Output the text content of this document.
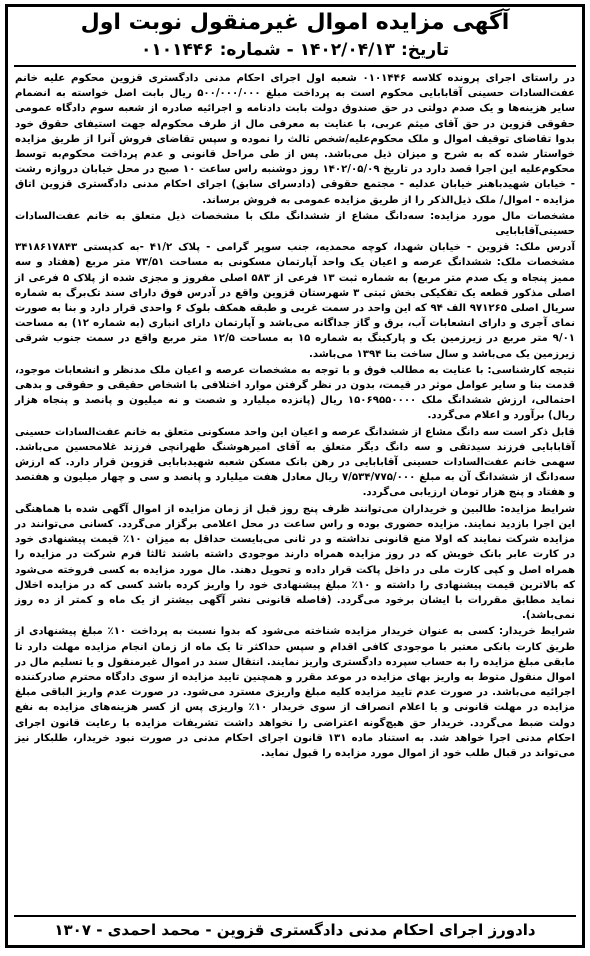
آگهی مزایده اموال غیرمنقول نوبت اول
تاریخ: ۱۴۰۲/۰۴/۱۳ - شماره: ۰۱۰۱۴۴۶

در راستای اجرای پرونده کلاسه ۰۱۰۱۴۴۶ شعبه اول اجرای احکام مدنی دادگستری قزوین محکوم علیه خانم عفت‌السادات حسینی آقابابایی محکوم است به پرداخت مبلغ ۵۰۰/۰۰۰/۰۰۰ ریال بابت اصل خواسته به انضمام سایر هزینه‌ها و یک صدم دولتی در حق صندوق دولت بابت دادنامه و اجرائیه صادره از شعبه سوم دادگاه عمومی حقوقی قزوین در حق آقای میثم عربی، با عنایت به معرفی مال از طرف محکوم‌له جهت استیفای حقوق خود بدوا تقاضای توقیف اموال و ملک محکوم‌علیه/شخص ثالث را نموده و سپس تقاضای فروش آنرا از طریق مزایده خواستار شده که به شرح و میزان ذیل می‌باشد. پس از طی مراحل قانونی و عدم پرداخت محکوم‌به توسط محکوم‌علیه این اجرا قصد دارد در تاریخ ۱۴۰۲/۰۵/۰۹ روز دوشنبه راس ساعت ۱۰ صبح در محل خیابان دروازه رشت - خیابان شهیدباهنر خیابان عدلیه - مجتمع حقوقی (دادسرای سابق) اجرای احکام مدنی دادگستری قزوین اتاق مزایده - اموال/ ملک ذیل‌الذکر را از طریق مزایده عمومی به فروش برساند.

مشخصات مال مورد مزایده: سه‌دانگ مشاع از ششدانگ ملک با مشخصات ذیل متعلق به خانم عفت‌السادات حسینی‌آقابابایی

آدرس ملک: قزوین - خیابان شهدا، کوچه محمدیه، جنب سوپر گرامی - پلاک ۴۱/۲ -به کدپستی ۳۴۱۸۶۱۷۸۴۳ مشخصات ملک: ششدانگ عرصه و اعیان یک واحد آپارتمان مسکونی به مساحت ۷۳/۵۱ متر مربع (هفتاد و سه ممیز پنجاه و یک صدم متر مربع) به شماره ثبت ۱۳ فرعی از ۵۸۳ اصلی مفروز و مجزی شده از پلاک ۵ فرعی از اصلی مذکور قطعه یک تفکیکی بخش ثبتی ۳ شهرستان قزوین واقع در آدرس فوق دارای سند تک‌برگ به شماره سریال اصلی ۹۷۱۲۶۵ الف ۹۴ که این واحد در سمت غربی و طبقه همکف بلوک ۶ واحدی قرار دارد و بنا به صورت نمای آجری و دارای انشعابات آب، برق و گاز جداگانه می‌باشد و آپارتمان دارای انباری (به شماره ۱۲) به مساحت ۹/۰۱ متر مربع در زیرزمین یک و پارکینگ به شماره ۱۵ به مساحت ۱۲/۵ متر مربع واقع در سمت جنوب شرقی زیرزمین یک می‌باشد و سال ساخت بنا ۱۳۹۴ می‌باشد.

نتیجه کارشناسی: با عنایت به مطالب فوق و با توجه به مشخصات عرصه و اعیان ملک مدنظر و انشعابات موجود، قدمت بنا و سایر عوامل موثر در قیمت، بدون در نظر گرفتن موارد اختلافی با اشخاص حقیقی و حقوقی و بدهی احتمالی، ارزش ششدانگ ملک ۱۵۰۶۹۵۵۰۰۰۰ ریال (پانزده میلیارد و شصت و نه میلیون و پانصد و پنجاه هزار ریال) برآورد و اعلام می‌گردد.

قابل ذکر است سه دانگ مشاع از ششدانگ عرصه و اعیان این واحد مسکونی متعلق به خانم عفت‌السادات حسینی آقابابایی فرزند سیدتقی و سه دانگ دیگر متعلق به آقای امیرهوشنگ طهرانچی فرزند غلامحسین می‌باشد. سهمی خانم عفت‌السادات حسینی آقابابایی در رهن بانک مسکن شعبه شهیدبابایی قزوین قرار دارد. که ارزش سه‌دانگ از ششدانگ آن به مبلغ ۷/۵۳۴/۷۷۵/۰۰۰ ریال معادل هفت میلیارد و پانصد و سی و چهار میلیون و هفتصد و هفتاد و پنج هزار تومان ارزیابی می‌گردد.

شرایط مزایده: طالبین و خریداران می‌توانند ظرف پنج روز قبل از زمان مزایده از اموال آگهی شده با هماهنگی این اجرا بازدید نمایند. مزایده حضوری بوده و راس ساعت در محل اعلامی برگزار می‌گردد. کسانی می‌توانند در مزایده شرکت نمایند که اولا منع قانونی نداشته و در ثانی می‌بایست حداقل به میزان ۱۰٪ قیمت پیشنهادی خود در کارت عابر بانک خویش که در روز مزایده همراه دارند موجودی داشته باشند ثالثا فرم شرکت در مزایده را همراه اصل و کپی کارت ملی در داخل پاکت قرار داده و تحویل دهند. مال مورد مزایده به کسی فروخته می‌شود که بالاترین قیمت پیشنهادی را داشته و ۱۰٪ مبلغ پیشنهادی خود را واریز کرده باشد کسی که در مزایده اخلال نماید مطابق مقررات با ایشان برخود می‌گردد. (فاصله قانونی نشر آگهی بیشتر از یک ماه و کمتر از ده روز نمی‌باشد).

شرایط خریدار: کسی به عنوان خریدار مزایده شناخته می‌شود که بدوا نسبت به پرداخت ۱۰٪ مبلغ پیشنهادی از طریق کارت بانکی معتبر با موجودی کافی اقدام و سپس حداکثر تا یک ماه از زمان انجام مزایده مهلت دارد تا مابقی مبلغ مزایده را به حساب سپرده دادگستری واریز نمایند. انتقال سند در اموال غیرمنقول و یا تسلیم مال در اموال منقول متوط به واریز بهای مزایده در موعد مقرر و همچنین تایید مزایده از سوی دادگاه محترم صادرکننده اجرائیه می‌باشد. در صورت عدم تایید مزایده کلیه مبلغ واریزی مسترد می‌شود. در صورت عدم واریز الباقی مبلغ مزایده در مهلت قانونی و یا اعلام انصراف از سوی خریدار ۱۰٪ واریزی پس از کسر هزینه‌های مزایده به نفع دولت ضبط می‌گردد. خریدار حق هیچ‌گونه اعتراضی را نخواهد داشت تشریفات مزایده با رعایت قانون اجرای احکام مدنی اجرا خواهد شد. به استناد ماده ۱۳۱ قانون اجرای احکام مدنی در صورت نبود خریدار، طلبکار نیز می‌تواند در قبال طلب خود از اموال مورد مزایده را قبول نماید.

دادورز اجرای احکام مدنی دادگستری قزوین - محمد احمدی - ۱۳۰۷
